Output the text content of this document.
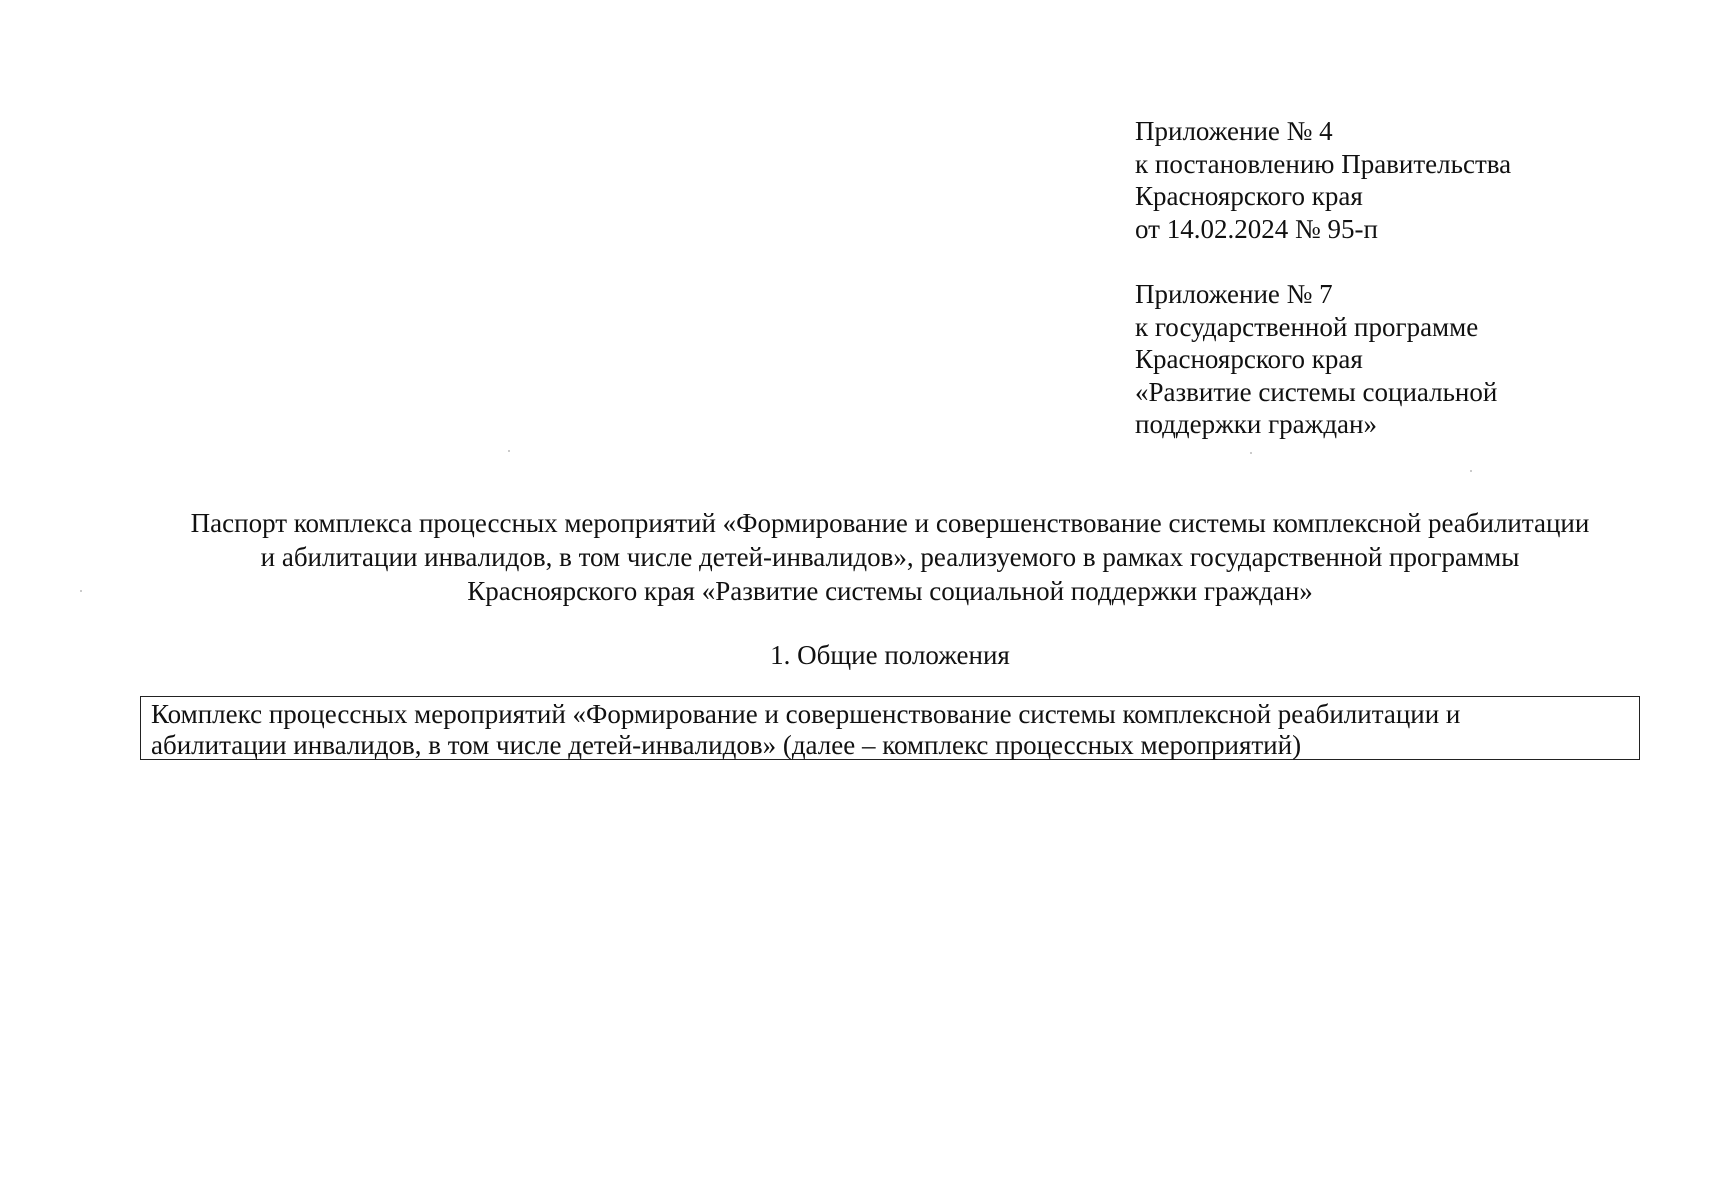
Приложение № 4
к постановлению Правительства
Красноярского края
от 14.02.2024 № 95-п
Приложение № 7
к государственной программе
Красноярского края
«Развитие системы социальной
поддержки граждан»
Паспорт комплекса процессных мероприятий «Формирование и совершенствование системы комплексной реабилитации
и абилитации инвалидов, в том числе детей-инвалидов», реализуемого в рамках государственной программы
Красноярского края «Развитие системы социальной поддержки граждан»
1. Общие положения
Комплекс процессных мероприятий «Формирование и совершенствование системы комплексной реабилитации и
абилитации инвалидов, в том числе детей-инвалидов» (далее – комплекс процессных мероприятий)
